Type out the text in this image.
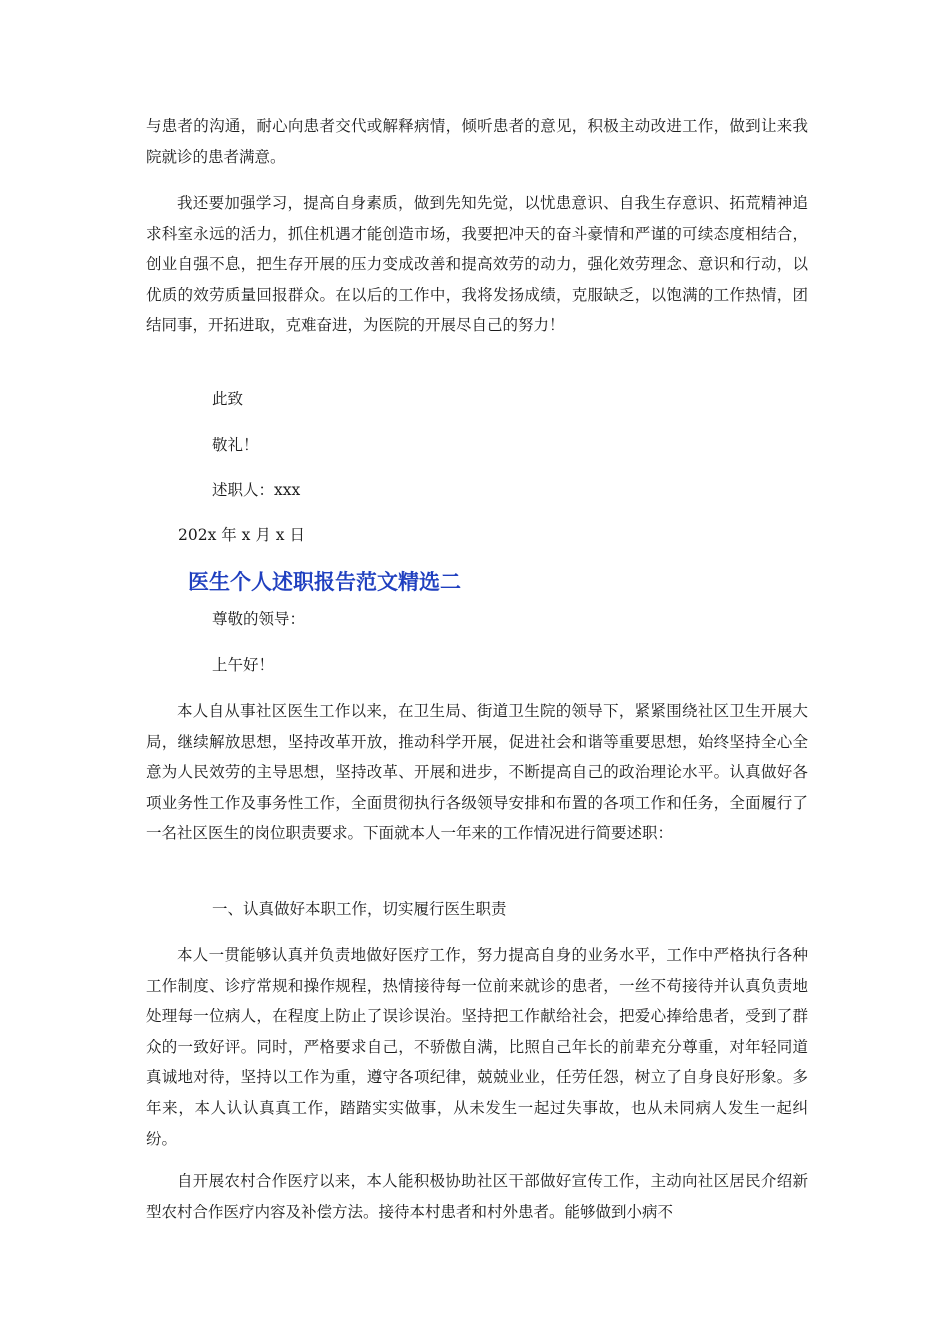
与患者的沟通，耐心向患者交代或解释病情，倾听患者的意见，积极主动改进工作，做到让来我院就诊的患者满意。

我还要加强学习，提高自身素质，做到先知先觉，以忧患意识、自我生存意识、拓荒精神追求科室永远的活力，抓住机遇才能创造市场，我要把冲天的奋斗豪情和严谨的可续态度相结合，创业自强不息，把生存开展的压力变成改善和提高效劳的动力，强化效劳理念、意识和行动，以优质的效劳质量回报群众。在以后的工作中，我将发扬成绩，克服缺乏，以饱满的工作热情，团结同事，开拓进取，克难奋进，为医院的开展尽自己的努力！

此致

敬礼！

述职人：xxx

202x 年 x 月 x 日

医生个人述职报告范文精选二

尊敬的领导：

上午好！

本人自从事社区医生工作以来，在卫生局、街道卫生院的领导下，紧紧围绕社区卫生开展大局，继续解放思想，坚持改革开放，推动科学开展，促进社会和谐等重要思想，始终坚持全心全意为人民效劳的主导思想，坚持改革、开展和进步，不断提高自己的政治理论水平。认真做好各项业务性工作及事务性工作，全面贯彻执行各级领导安排和布置的各项工作和任务，全面履行了一名社区医生的岗位职责要求。下面就本人一年来的工作情况进行简要述职：

一、认真做好本职工作，切实履行医生职责

本人一贯能够认真并负责地做好医疗工作，努力提高自身的业务水平，工作中严格执行各种工作制度、诊疗常规和操作规程，热情接待每一位前来就诊的患者，一丝不苟接待并认真负责地处理每一位病人，在程度上防止了误诊误治。坚持把工作献给社会，把爱心捧给患者，受到了群众的一致好评。同时，严格要求自己，不骄傲自满，比照自己年长的前辈充分尊重，对年轻同道真诚地对待，坚持以工作为重，遵守各项纪律，兢兢业业，任劳任怨，树立了自身良好形象。多年来，本人认认真真工作，踏踏实实做事，从未发生一起过失事故，也从未同病人发生一起纠纷。

自开展农村合作医疗以来，本人能积极协助社区干部做好宣传工作，主动向社区居民介绍新型农村合作医疗内容及补偿方法。接待本村患者和村外患者。能够做到小病不
